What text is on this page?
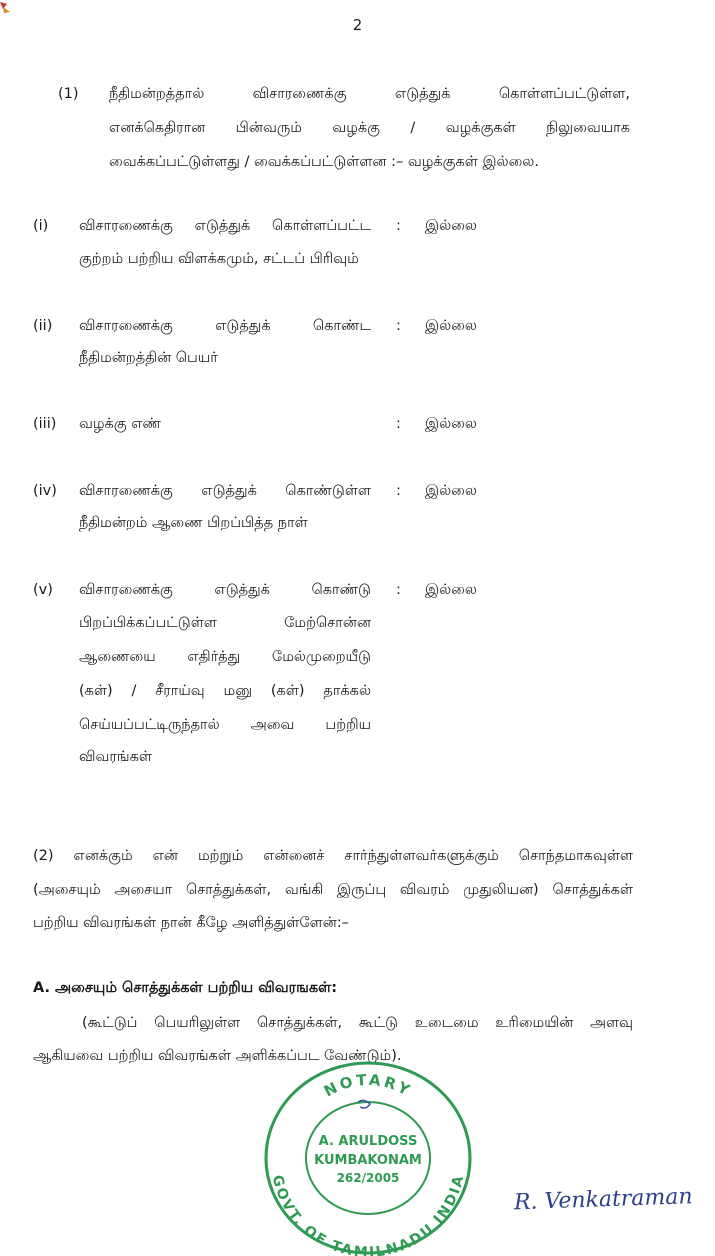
2
(1) நீதிமன்றத்தால் விசாரணைக்கு எடுத்துக் கொள்ளப்பட்டுள்ள,
எனக்கெதிரான பின்வரும் வழக்கு / வழக்குகள் நிலுவையாக
வைக்கப்பட்டுள்ளது / வைக்கப்பட்டுள்ளன :– வழக்குகள் இல்லை.
(i) விசாரணைக்கு எடுத்துக் கொள்ளப்பட்ட
குற்றம் பற்றிய விளக்கமும், சட்டப் பிரிவும்
: இல்லை
(ii) விசாரணைக்கு எடுத்துக் கொண்ட
நீதிமன்றத்தின் பெயர்
: இல்லை
(iii) வழக்கு எண்	: இல்லை
(iv) விசாரணைக்கு எடுத்துக் கொண்டுள்ள
நீதிமன்றம் ஆணை பிறப்பித்த நாள்
: இல்லை
(v) விசாரணைக்கு எடுத்துக் கொண்டு
பிறப்பிக்கப்பட்டுள்ள மேற்சொன்ன
ஆணையை எதிர்த்து மேல்முறையீடு
(கள்) / சீராய்வு மனு (கள்) தாக்கல்
செய்யப்பட்டிருந்தால் அவை பற்றிய
விவரங்கள்
: இல்லை
(2) எனக்கும் என் மற்றும் என்னைச் சார்ந்துள்ளவர்களுக்கும் சொந்தமாகவுள்ள
(அசையும் அசையா சொத்துக்கள், வங்கி இருப்பு விவரம் முதுலியன) சொத்துக்கள்
பற்றிய விவரங்கள் நான் கீழே அளித்துள்ளேன்:–
A. அசையும் சொத்துக்கள் பற்றிய விவரஙகள்:
(கூட்டுப் பெயரிலுள்ள சொத்துக்கள், கூட்டு உடைமை உரிமையின் அளவு
ஆகியவை பற்றிய விவரங்கள் அளிக்கப்பட வேண்டும்).
NOTARY
A. ARULDOSS
KUMBAKONAM
262/2005
GOVT. OF TAMILNADU INDIA
R. Venkatraman
